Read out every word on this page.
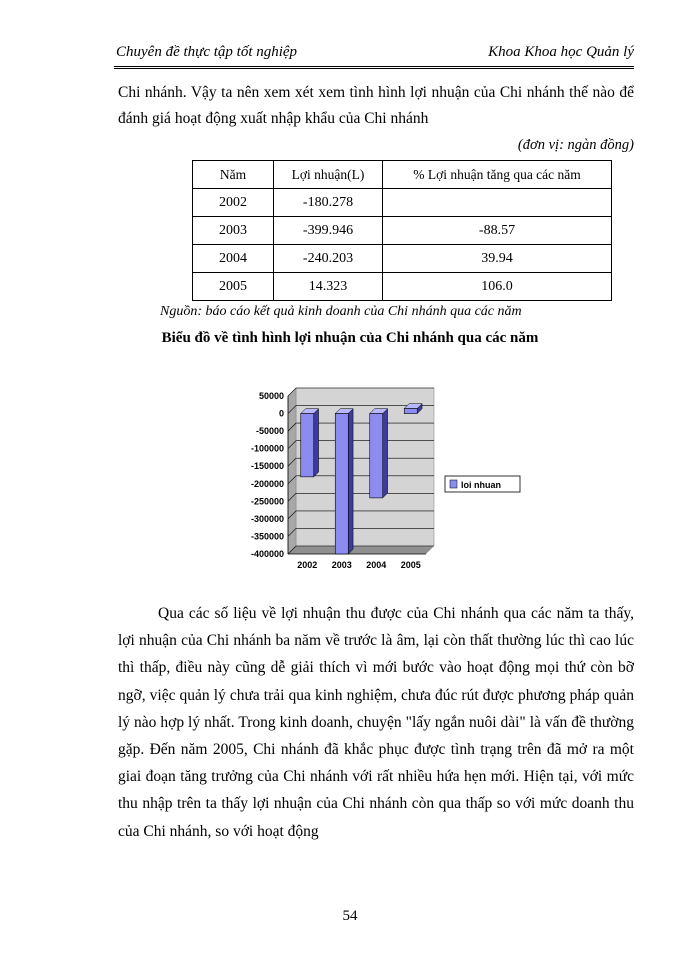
Chuyên đề thực tập tốt nghiệp	Khoa Khoa học Quản lý
Chi nhánh. Vậy ta nên xem xét xem tình hình lợi nhuận của Chi nhánh thế nào để đánh giá hoạt động xuất nhập khẩu của Chi nhánh
(đơn vị: ngàn đồng)
Năm	Lợi nhuận(L)	% Lợi nhuận tăng qua các năm
2002	-180.278	
2003	-399.946	-88.57
2004	-240.203	39.94
2005	14.323	106.0
Nguồn: báo cáo kết quả kinh doanh của Chi nhánh qua các năm
Biểu đồ về tình hình lợi nhuận của Chi nhánh qua các năm
50000
0
-50000
-100000
-150000
-200000
-250000
-300000
-350000
-400000
2002 2003 2004 2005
loi nhuan

Qua các số liệu về lợi nhuận thu được của Chi nhánh qua các năm ta thấy, lợi nhuận của Chi nhánh ba năm về trước là âm, lại còn thất thường lúc thì cao lúc thì thấp, điều này cũng dễ giải thích vì mới bước vào hoạt động mọi thứ còn bỡ ngỡ, việc quản lý chưa trải qua kinh nghiệm, chưa đúc rút được phương pháp quản lý nào hợp lý nhất. Trong kinh doanh, chuyện "lấy ngắn nuôi dài" là vấn đề thường gặp. Đến năm 2005, Chi nhánh đã khắc phục được tình trạng trên đã mở ra một giai đoạn tăng trưởng của Chi nhánh với rất nhiều hứa hẹn mới. Hiện tại, với mức thu nhập trên ta thấy lợi nhuận của Chi nhánh còn qua thấp so với mức doanh thu của Chi nhánh, so với hoạt động

54
